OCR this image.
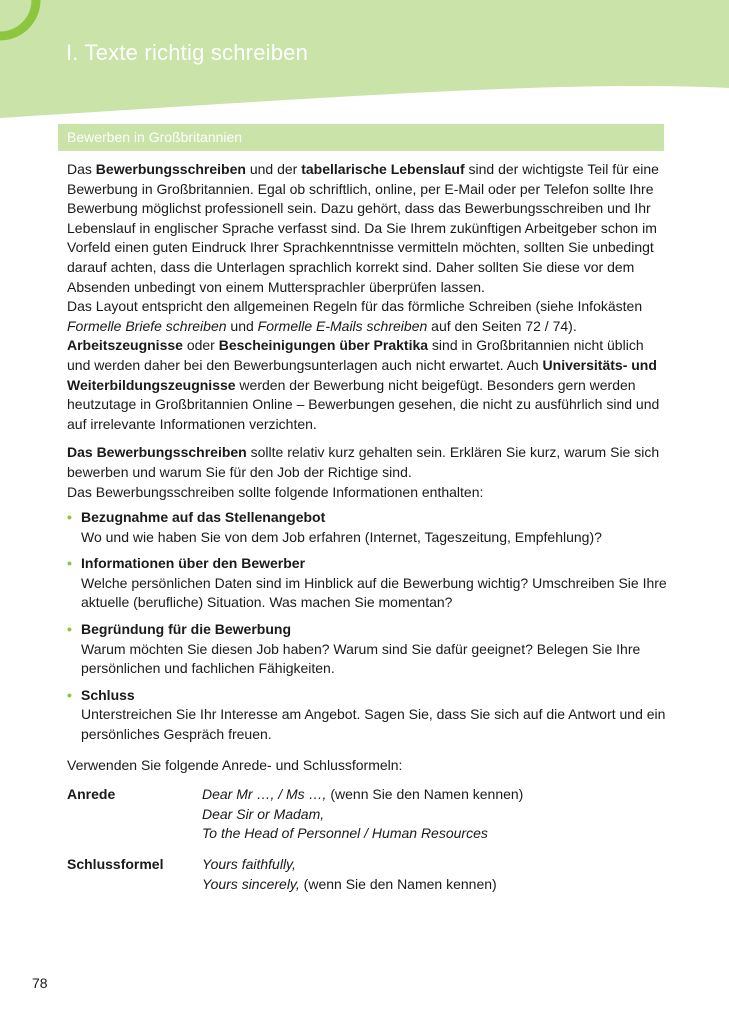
I. Texte richtig schreiben
Bewerben in Großbritannien

Das Bewerbungsschreiben und der tabellarische Lebenslauf sind der wichtigste Teil für eine Bewerbung in Großbritannien. Egal ob schriftlich, online, per E-Mail oder per Telefon sollte Ihre Bewerbung möglichst professionell sein. Dazu gehört, dass das Bewerbungsschreiben und Ihr Lebenslauf in englischer Sprache verfasst sind. Da Sie Ihrem zukünftigen Arbeitgeber schon im Vorfeld einen guten Eindruck Ihrer Sprachkenntnisse vermitteln möchten, sollten Sie unbedingt darauf achten, dass die Unterlagen sprachlich korrekt sind. Daher sollten Sie diese vor dem Absenden unbedingt von einem Muttersprachler überprüfen lassen.

Das Layout entspricht den allgemeinen Regeln für das förmliche Schreiben (siehe Infokästen Formelle Briefe schreiben und Formelle E-Mails schreiben auf den Seiten 72 / 74).

Arbeitszeugnisse oder Bescheinigungen über Praktika sind in Großbritannien nicht üblich und werden daher bei den Bewerbungsunterlagen auch nicht erwartet. Auch Universitäts- und Weiterbildungszeugnisse werden der Bewerbung nicht beigefügt. Besonders gern werden heutzutage in Großbritannien Online – Bewerbungen gesehen, die nicht zu ausführlich sind und auf irrelevante Informationen verzichten.

Das Bewerbungsschreiben sollte relativ kurz gehalten sein. Erklären Sie kurz, warum Sie sich bewerben und warum Sie für den Job der Richtige sind.

Das Bewerbungsschreiben sollte folgende Informationen enthalten:

• Bezugnahme auf das Stellenangebot
Wo und wie haben Sie von dem Job erfahren (Internet, Tageszeitung, Empfehlung)?
• Informationen über den Bewerber
Welche persönlichen Daten sind im Hinblick auf die Bewerbung wichtig? Umschreiben Sie Ihre aktuelle (berufliche) Situation. Was machen Sie momentan?
• Begründung für die Bewerbung
Warum möchten Sie diesen Job haben? Warum sind Sie dafür geeignet? Belegen Sie Ihre persönlichen und fachlichen Fähigkeiten.
• Schluss
Unterstreichen Sie Ihr Interesse am Angebot. Sagen Sie, dass Sie sich auf die Antwort und ein persönliches Gespräch freuen.

Verwenden Sie folgende Anrede- und Schlussformeln:

Anrede	Dear Mr …, / Ms …, (wenn Sie den Namen kennen)
Dear Sir or Madam,
To the Head of Personnel / Human Resources
Schlussformel	Yours faithfully,
Yours sincerely, (wenn Sie den Namen kennen)
78
